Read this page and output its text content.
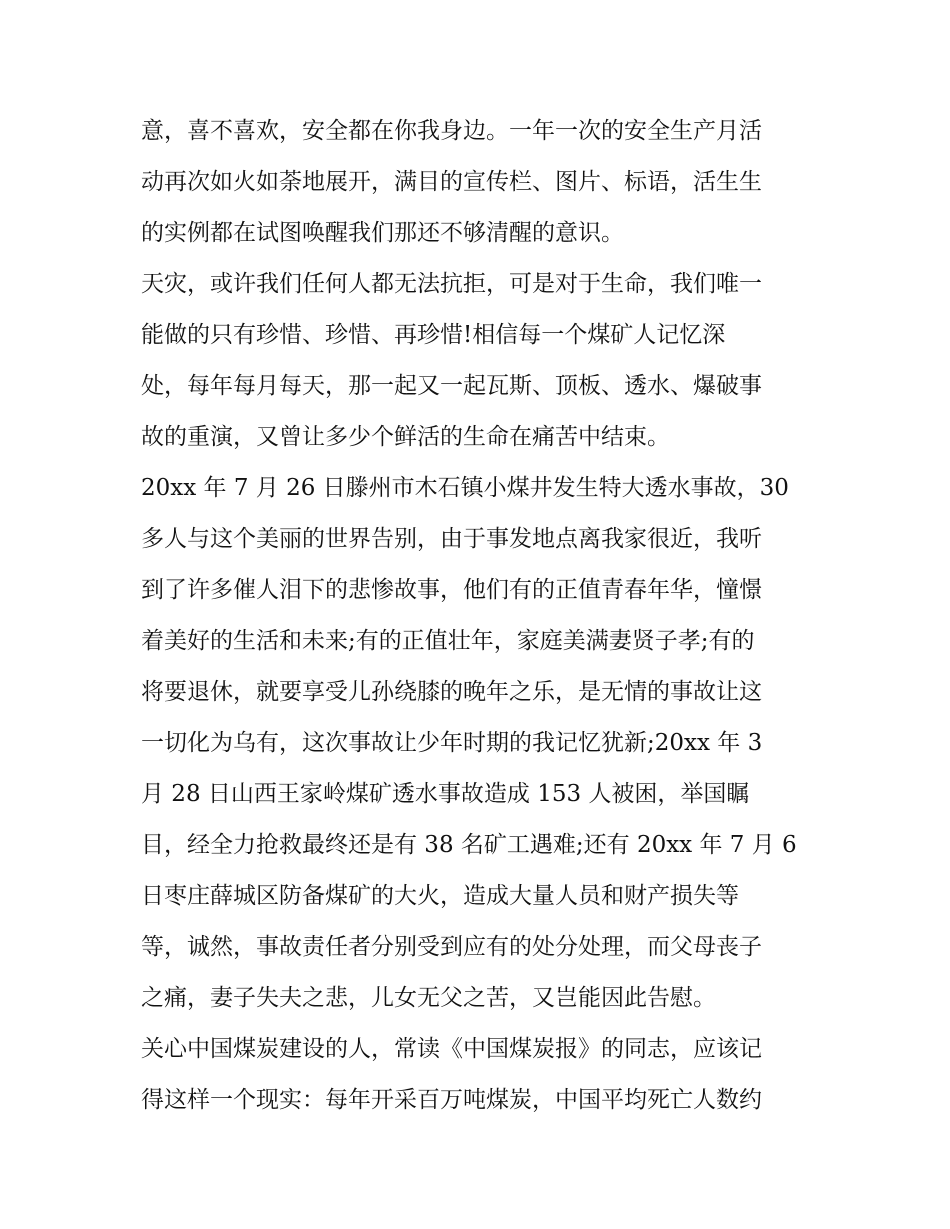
意，喜不喜欢，安全都在你我身边。一年一次的安全生产月活
动再次如火如荼地展开，满目的宣传栏、图片、标语，活生生
的实例都在试图唤醒我们那还不够清醒的意识。
天灾，或许我们任何人都无法抗拒，可是对于生命，我们唯一
能做的只有珍惜、珍惜、再珍惜!相信每一个煤矿人记忆深
处，每年每月每天，那一起又一起瓦斯、顶板、透水、爆破事
故的重演，又曾让多少个鲜活的生命在痛苦中结束。
20xx 年 7 月 26 日滕州市木石镇小煤井发生特大透水事故，30
多人与这个美丽的世界告别，由于事发地点离我家很近，我听
到了许多催人泪下的悲惨故事，他们有的正值青春年华，憧憬
着美好的生活和未来;有的正值壮年，家庭美满妻贤子孝;有的
将要退休，就要享受儿孙绕膝的晚年之乐，是无情的事故让这
一切化为乌有，这次事故让少年时期的我记忆犹新;20xx 年 3
月 28 日山西王家岭煤矿透水事故造成 153 人被困，举国瞩
目，经全力抢救最终还是有 38 名矿工遇难;还有 20xx 年 7 月 6
日枣庄薛城区防备煤矿的大火，造成大量人员和财产损失等
等，诚然，事故责任者分别受到应有的处分处理，而父母丧子
之痛，妻子失夫之悲，儿女无父之苦，又岂能因此告慰。
关心中国煤炭建设的人，常读《中国煤炭报》的同志，应该记
得这样一个现实：每年开采百万吨煤炭，中国平均死亡人数约
